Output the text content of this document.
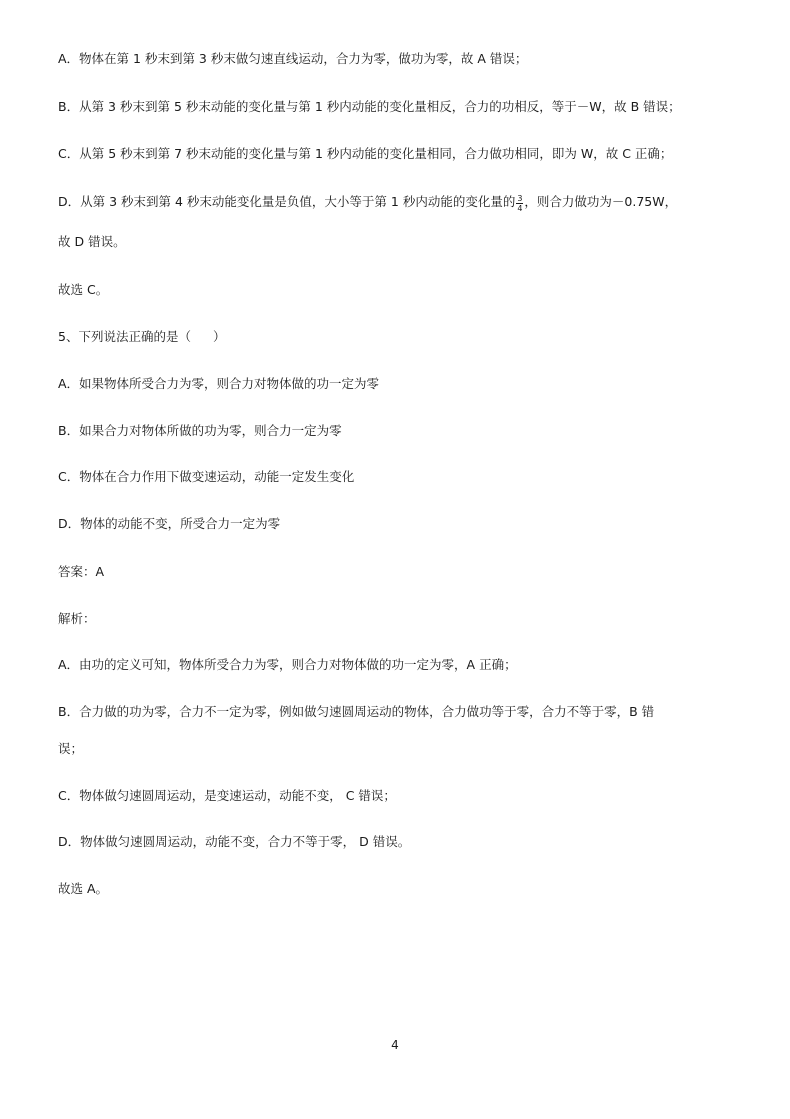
A．物体在第 1 秒末到第 3 秒末做匀速直线运动，合力为零，做功为零，故 A 错误；
B．从第 3 秒末到第 5 秒末动能的变化量与第 1 秒内动能的变化量相反，合力的功相反，等于－W，故 B 错误；
C．从第 5 秒末到第 7 秒末动能的变化量与第 1 秒内动能的变化量相同，合力做功相同，即为 W，故 C 正确；
D．从第 3 秒末到第 4 秒末动能变化量是负值，大小等于第 1 秒内动能的变化量的 $\frac{3}{4}$ ，则合力做功为－0.75W，
故 D 错误。
故选 C。
5、下列说法正确的是（ ）
A．如果物体所受合力为零，则合力对物体做的功一定为零
B．如果合力对物体所做的功为零，则合力一定为零
C．物体在合力作用下做变速运动，动能一定发生变化
D．物体的动能不变，所受合力一定为零
答案：A
解析：
A．由功的定义可知，物体所受合力为零，则合力对物体做的功一定为零，A 正确；
B．合力做的功为零，合力不一定为零，例如做匀速圆周运动的物体，合力做功等于零，合力不等于零，B 错
误；
C．物体做匀速圆周运动，是变速运动，动能不变， C 错误；
D．物体做匀速圆周运动，动能不变，合力不等于零， D 错误。
故选 A。
4
